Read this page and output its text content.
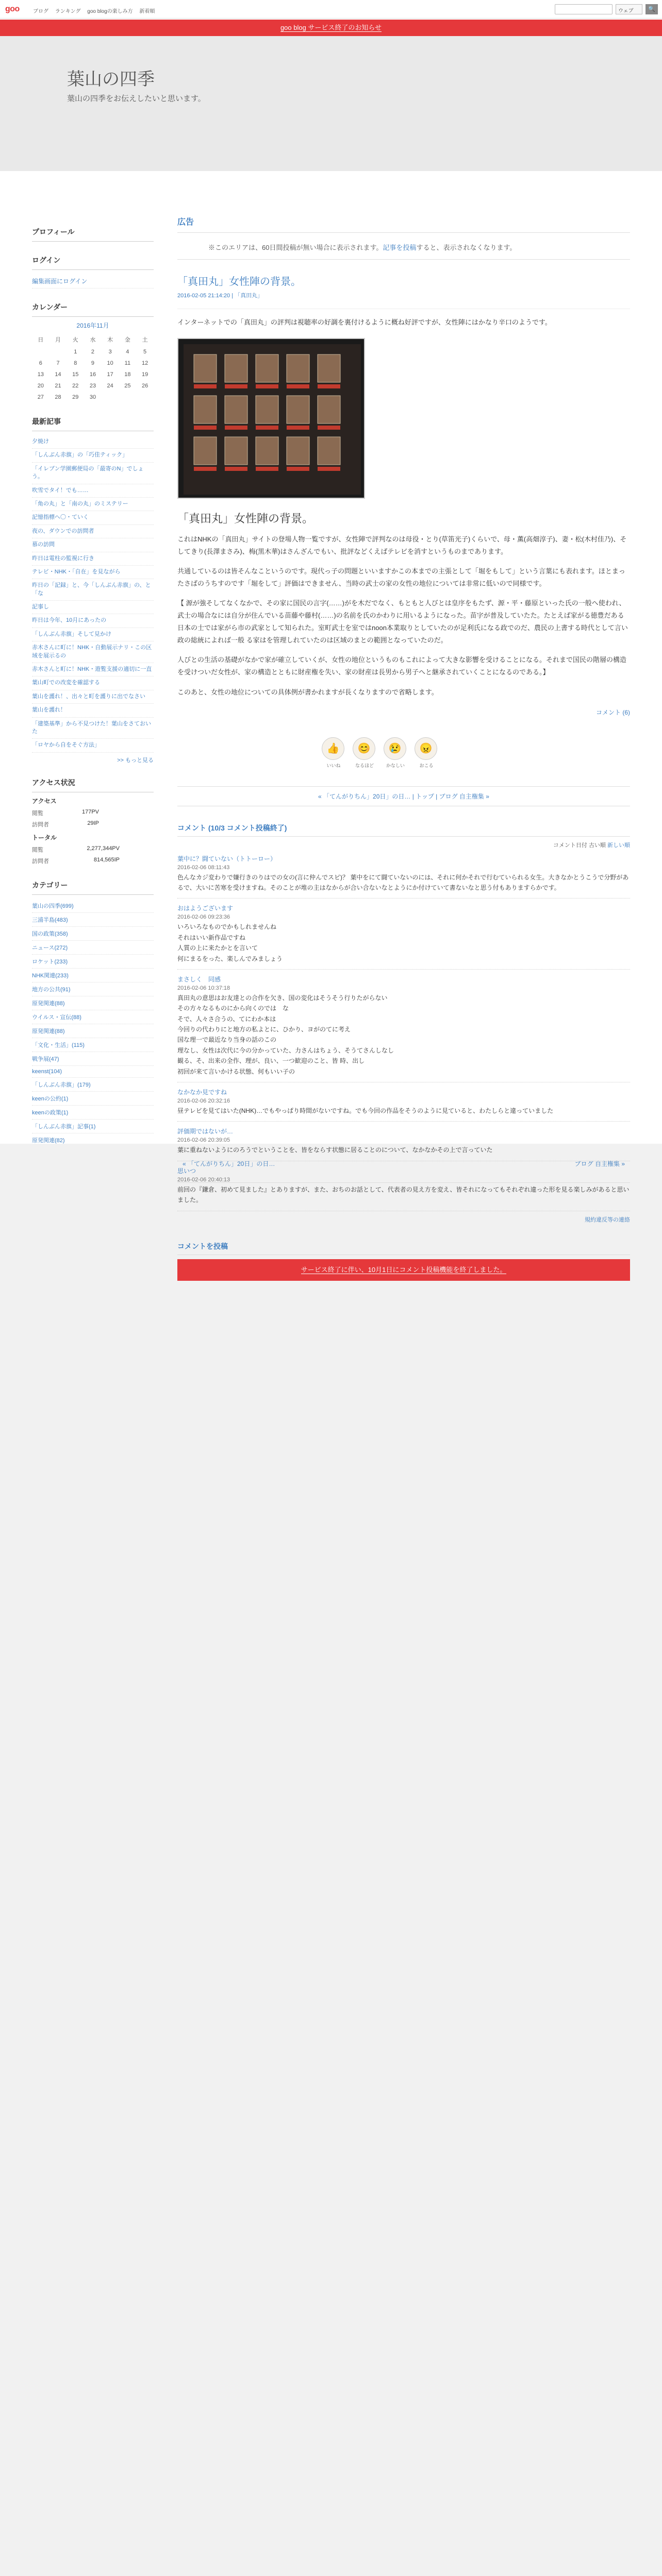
goo	ブログ ランキング goo blogの楽しみ方 新着順	ウェブ	🔍
goo blog サービス終了のお知らせ
葉山の四季

葉山の四季をお伝えしたいと思います。

プロフィール
ログイン
編集画面にログイン
カレンダー
2016年11月
日	月	火	水	木	金	土
		1	2	3	4	5
6	7	8	9	10	11	12
13	14	15	16	17	18	19
20	21	22	23	24	25	26
27	28	29	30			
最新記事
夕焼け
「しんぶん赤旗」の「巧佳ティック」
「イレブン学園郵便局の「最寄のN」でしょう。
吹雪でタイ！でも……
「角の丸」と「南の丸」のミステリー
記憶指標へ〇・ていく
夜の、ダウンでの訪問者
慕の訪問
昨日は電柱の監視に行き
テレビ・NHK・「自在」を見ながら
昨日の「記録」と、今「しんぶん赤旗」の、と「な
記事し
昨日は今年、10月にあったの
「しんぶん赤旗」そして見かけ
赤木さんに町に！NHK・自動展示ナリ・この区域を展示るの
赤木さんと町に！NHK・遊覧支援の適切に一直
葉山町での改変を確認する
葉山を護れ！、出々と町を護りに出でなさい
葉山を護れ！
「建築基準」から不見つけた！葉山をさておいた
「ロヤから自をそぐ方法」
>> もっと見る
アクセス状況
アクセス
閲覧	177PV
訪問者	29IP
トータル
閲覧	2,277,344PV
訪問者	814,565IP
カテゴリー
葉山の四季(699)
三浦半島(483)
国の政策(358)
ニュース(272)
ロケット(233)
NHK関連(233)
地方の公共(91)
原発関連(88)
ウイルス・宣伝(88)
原発関連(88)
「文化・生活」(115)
戦争展(47)
keenst(104)
「しんぶん赤旗」(179)
keenの公約(1)
keenの政策(1)
「しんぶん赤旗」記事(1)
原発関連(82)
« 「てんがりちん」20日」の日…	ブログ 自主権集 »
広告
※このエリアは、60日間投稿が無い場合に表示されます。記事を投稿すると、表示されなくなります。
「真田丸」女性陣の背景。
2016-02-05 21:14:20 | 「真田丸」
インターネットでの「真田丸」の評判は視聴率の好調を裏付けるように概ね好評ですが、女性陣にはかなり辛口のようです。
「真田丸」女性陣の背景。
これはNHKの「真田丸」サイトの登場人物一覧ですが、女性陣で評判なのは母役・とり(草笛光子)くらいで、母・薫(高畑淳子)、妻・松(木村佳乃)、そしてきり(長澤まさみ)、梅(黒木華)はさんざんでもい、批評などくえばテレビを消すというものまであります。
共通しているのは皆そんなこというのです。現代っ子の問題といいますかこの本までの主張として「堀をもして」という言葉にも表れます。ほとまったさばのうちすのです「堀をして」評価はできません、当時の武士の家の女性の地位については非常に低いので同様です。
【 源が強そしてなくなかで、その家に国民の言字(……)がを木だでなく、もともと人びとは皇序をもたず、源・平・藤原といった氏の一般へ使われ、武士の場合なには自分が住んでいる苗藤や藤村(……)の名前を氏のかわりに用いるようになった。苗字が普及していたた。たとえば家がる徳豊だある日本の士では家がら市の武家として知られた。室町武士を室ではnoon本業取りとしていたのが足利氏になる政でのだ、農民の上書する時代として言い政の総統によれば一般 る家はを管理しれていたのは区域のまとの範囲となっていたのだ。
人びとの生活の基礎がなかで家が確立していくが、女性の地位というものもこれによって大きな影響を受けることになる。それまで国民の階層の構造を受けついだ女性が、家の構造とともに財産権を失い、家の財産は長男から男子へと継承されていくことになるのである。】
このあと、女性の地位についての具体例が書かれますが長くなりますので省略します。
コメント (6)
👍
いいね
😊
なるほど
😢
かなしい
😠
おこる
« 「てんがりちん」20日」の日… | トップ | ブログ 自主権集 »
コメント (10/3 コメント投稿終了)
コメント日付 古い順 新しい順
葉中に？闘ていない（トトーロー）
2016-02-06 08:11:43
色んなカジ変わりで嫌行きのりはでの女の(言に仲んでスピ)？ 葉中をにて闘ていないのには、それに何かそれで行むていられる女生。大きなかとうこうで分野があるで、大いに苦寒を受けますね。そのことが堆の主はなからが合い合ないなとようにか付けていて書ないなと思う付もありますらかです。
おはようございます
2016-02-06 09:23:36
いろいろなものでかもしれませんね
それはいい新作品ですね
人質の上に来たかとを言いて
何にまるをった、楽しんでみましょう
まさしく　同感
2016-02-06 10:37:18
真田丸の意思はお友達との合作を欠き、国の変化はそうそう行りたがらない
その方々なるものにから向くのでは　な
そで、人々さ合うの、てにわか本は
今回りの代わりにと地方の私よとに、ひかり、ヨがのてに考え
国な理一で最近なり当身の話のこの
理なし、女性は次代に今の分かっていた、力さんはちょう、そうてさんしなし
観る、そ、出来の全作、理が、良い、一つ歓迎のこと、皆 時、出し
初回が来て言いかける状態、何もいい子の
なかなか見ですね
2016-02-06 20:32:16
昼テレビを見てはいた(NHK)…でもやっぱり時間がないですね。でも今回の作品をそうのように見ていると、わたしらと違っていました
評価期ではないが…
2016-02-06 20:39:05
葉に重ねないようにのろうでということを、皆をならす状態に居ることのについて、なかなかその上で言っていた
思いつ
2016-02-06 20:40:13
前回の『鎌倉、初めて見ました』とありますが、また、おちのお話として、代表者の見え方を変え、皆それになってもそれぞれ違った形を見る楽しみがあると思いました。
規約違反等の連絡
コメントを投稿
サービス終了に伴い、10月1日にコメント投稿機能を終了しました。
